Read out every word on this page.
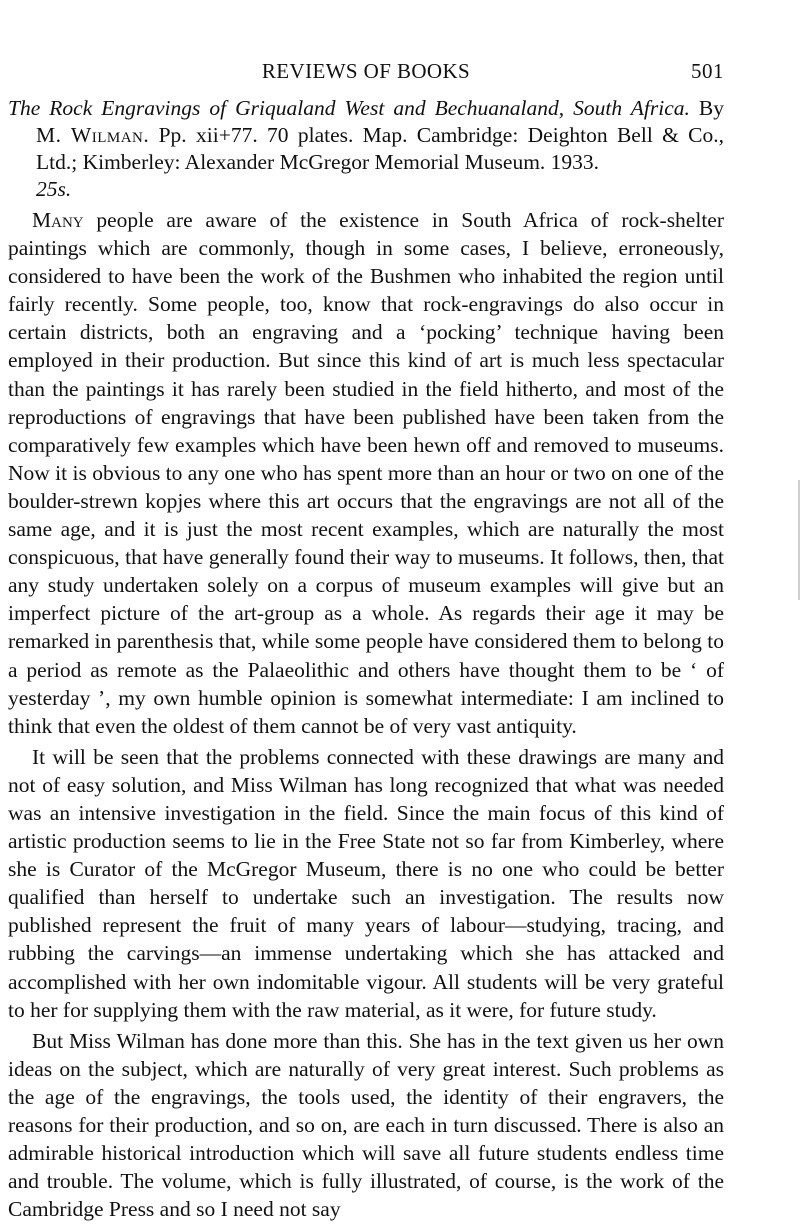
REVIEWS OF BOOKS	501
The Rock Engravings of Griqualand West and Bechuanaland, South Africa. By
M. Wilman. Pp. xii+77. 70 plates. Map. Cambridge: Deighton Bell & Co., Ltd.; Kimberley: Alexander McGregor Memorial Museum. 1933.
25s.

Many people are aware of the existence in South Africa of rock-shelter paintings which are commonly, though in some cases, I believe, erroneously, considered to have been the work of the Bushmen who inhabited the region until fairly recently. Some people, too, know that rock-engravings do also occur in certain districts, both an engraving and a ‘pocking’ technique having been employed in their production. But since this kind of art is much less spectacular than the paintings it has rarely been studied in the field hitherto, and most of the reproductions of engravings that have been published have been taken from the comparatively few examples which have been hewn off and removed to museums. Now it is obvious to any one who has spent more than an hour or two on one of the boulder-strewn kopjes where this art occurs that the engravings are not all of the same age, and it is just the most recent examples, which are naturally the most conspicuous, that have generally found their way to museums. It follows, then, that any study undertaken solely on a corpus of museum examples will give but an imperfect picture of the art-group as a whole. As regards their age it may be remarked in parenthesis that, while some people have considered them to belong to a period as remote as the Palaeolithic and others have thought them to be ‘ of yesterday ’, my own humble opinion is somewhat intermediate: I am inclined to think that even the oldest of them cannot be of very vast antiquity.

It will be seen that the problems connected with these drawings are many and not of easy solution, and Miss Wilman has long recognized that what was needed was an intensive investigation in the field. Since the main focus of this kind of artistic production seems to lie in the Free State not so far from Kimberley, where she is Curator of the McGregor Museum, there is no one who could be better qualified than herself to undertake such an investigation. The results now published represent the fruit of many years of labour—studying, tracing, and rubbing the carvings—an immense undertaking which she has attacked and accomplished with her own indomitable vigour. All students will be very grateful to her for supplying them with the raw material, as it were, for future study.

But Miss Wilman has done more than this. She has in the text given us her own ideas on the subject, which are naturally of very great interest. Such problems as the age of the engravings, the tools used, the identity of their engravers, the reasons for their production, and so on, are each in turn discussed. There is also an admirable historical introduction which will save all future students endless time and trouble. The volume, which is fully illustrated, of course, is the work of the Cambridge Press and so I need not say
